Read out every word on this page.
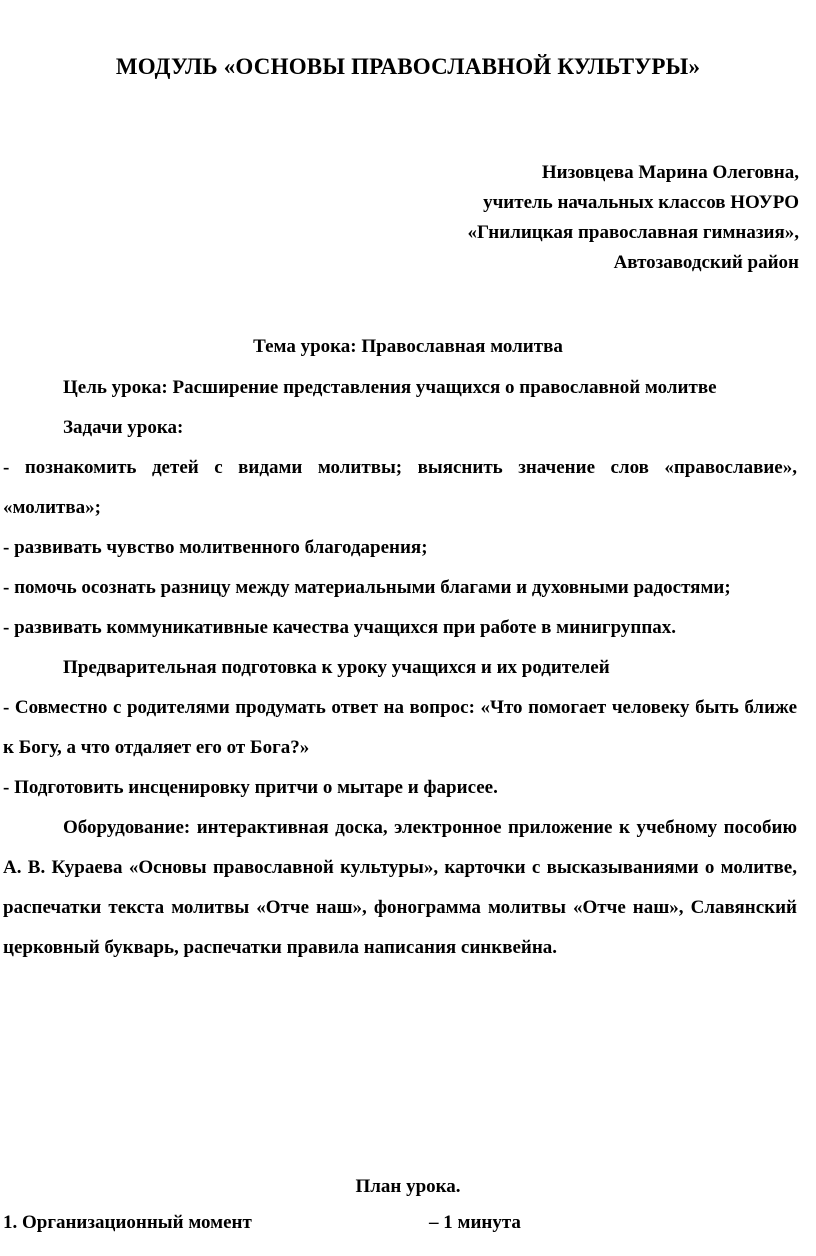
МОДУЛЬ «ОСНОВЫ ПРАВОСЛАВНОЙ КУЛЬТУРЫ»
Низовцева Марина Олеговна,
учитель начальных классов НОУРО
«Гнилицкая православная гимназия»,
Автозаводский район
Тема урока: Православная молитва

Цель урока: Расширение представления учащихся о православной молитве

Задачи урока:

- познакомить детей с видами молитвы; выяснить значение слов «православие», «молитва»;

- развивать чувство молитвенного благодарения;

- помочь осознать разницу между материальными благами и духовными радостями;

- развивать коммуникативные качества учащихся при работе в минигруппах.

Предварительная подготовка к уроку учащихся и их родителей

- Совместно с родителями продумать ответ на вопрос: «Что помогает человеку быть ближе к Богу, а что отдаляет его от Бога?»

- Подготовить инсценировку притчи о мытаре и фарисее.

Оборудование: интерактивная доска, электронное приложение к учебному пособию А. В. Кураева «Основы православной культуры», карточки с высказываниями о молитве, распечатки текста молитвы «Отче наш», фонограмма молитвы «Отче наш», Славянский церковный букварь, распечатки правила написания синквейна.

План урока.
1. Организационный момент	– 1 минута
